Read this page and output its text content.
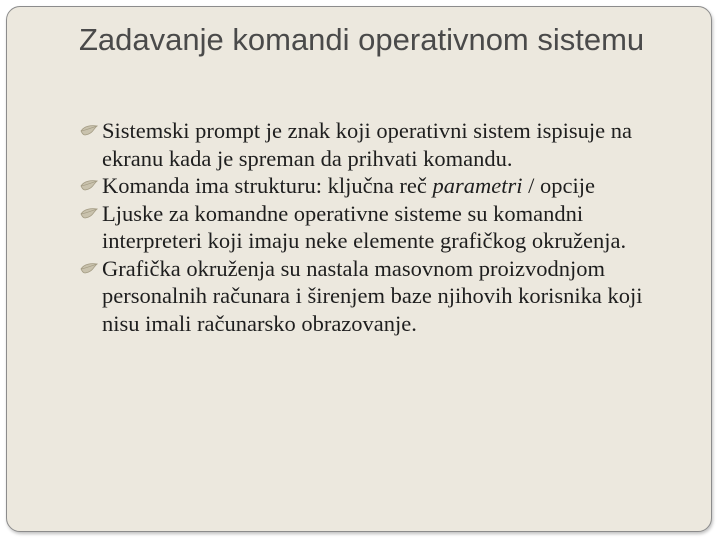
Zadavanje komandi operativnom sistemu
Sistemski prompt je znak koji operativni sistem ispisuje na ekranu kada je spreman da prihvati komandu.
Komanda ima strukturu: ključna reč parametri / opcije
Ljuske za komandne operativne sisteme su komandni interpreteri koji imaju neke elemente grafičkog okruženja.
Grafička okruženja su nastala masovnom proizvodnjom personalnih računara i širenjem baze njihovih korisnika koji nisu imali računarsko obrazovanje.
